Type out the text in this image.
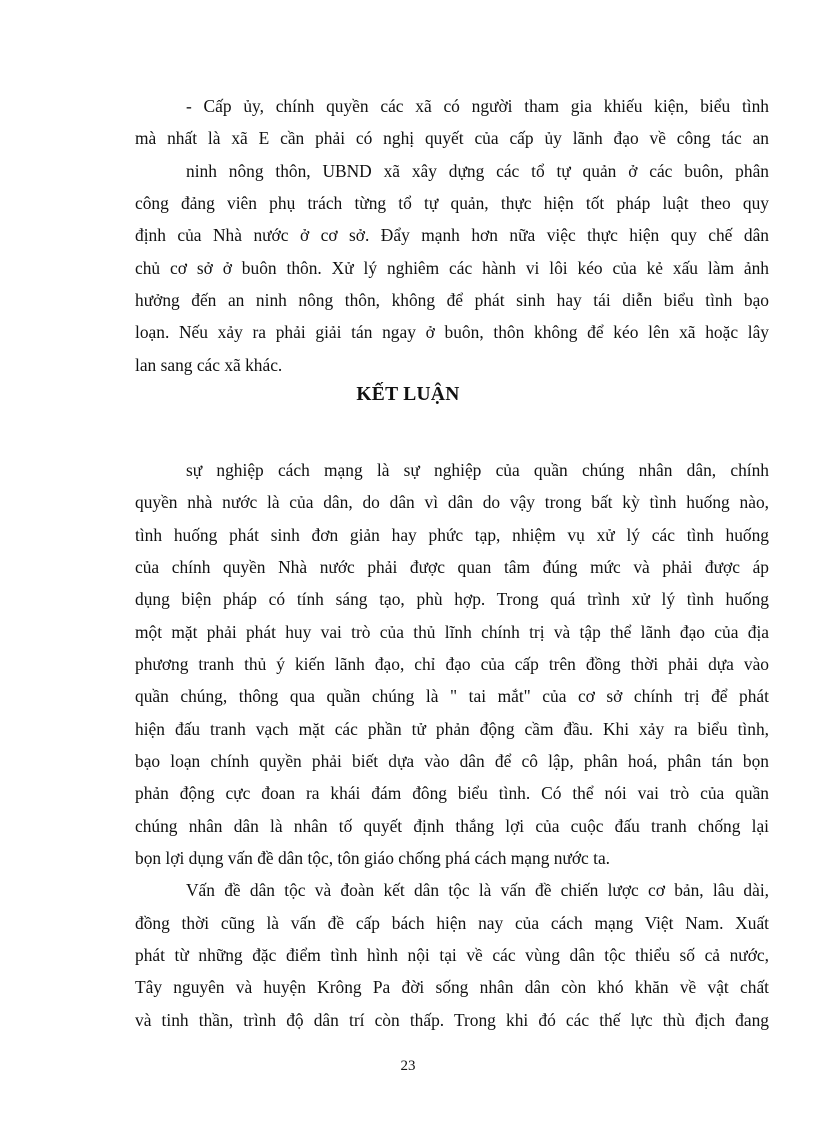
- Cấp ủy, chính quyền các xã có người tham gia khiếu kiện, biểu tình
mà nhất là xã E cần phải có nghị quyết của cấp ủy lãnh đạo về công tác an
ninh nông thôn, UBND xã xây dựng các tổ tự quản ở các buôn, phân
công đảng viên phụ trách từng tổ tự quản, thực hiện tốt pháp luật theo quy
định của Nhà nước ở cơ sở. Đẩy mạnh hơn nữa việc thực hiện quy chế dân
chủ cơ sở ở buôn thôn. Xử lý nghiêm các hành vi lôi kéo của kẻ xấu làm ảnh
hưởng đến an ninh nông thôn, không để phát sinh hay tái diễn biểu tình bạo
loạn. Nếu xảy ra phải giải tán ngay ở buôn, thôn không để kéo lên xã hoặc lây
lan sang các xã khác.
KẾT LUẬN
sự nghiệp cách mạng là sự nghiệp của quần chúng nhân dân, chính
quyền nhà nước là của dân, do dân vì dân do vậy trong bất kỳ tình huống nào,
tình huống phát sinh đơn giản hay phức tạp, nhiệm vụ xử lý các tình huống
của chính quyền Nhà nước phải được quan tâm đúng mức và phải được áp
dụng biện pháp có tính sáng tạo, phù hợp. Trong quá trình xử lý tình huống
một mặt phải phát huy vai trò của thủ lĩnh chính trị và tập thể lãnh đạo của địa
phương tranh thủ ý kiến lãnh đạo, chỉ đạo của cấp trên đồng thời phải dựa vào
quần chúng, thông qua quần chúng là " tai mắt" của cơ sở chính trị để phát
hiện đấu tranh vạch mặt các phần tử phản động cầm đầu. Khi xảy ra biểu tình,
bạo loạn chính quyền phải biết dựa vào dân để cô lập, phân hoá, phân tán bọn
phản động cực đoan ra khái đám đông biểu tình. Có thể nói vai trò của quần
chúng nhân dân là nhân tố quyết định thắng lợi của cuộc đấu tranh chống lại
bọn lợi dụng vấn đề dân tộc, tôn giáo chống phá cách mạng nước ta.
Vấn đề dân tộc và đoàn kết dân tộc là vấn đề chiến lược cơ bản, lâu dài,
đồng thời cũng là vấn đề cấp bách hiện nay của cách mạng Việt Nam. Xuất
phát từ những đặc điểm tình hình nội tại về các vùng dân tộc thiểu số cả nước,
Tây nguyên và huyện Krông Pa đời sống nhân dân còn khó khăn về vật chất
và tinh thần, trình độ dân trí còn thấp. Trong khi đó các thế lực thù địch đang
23
